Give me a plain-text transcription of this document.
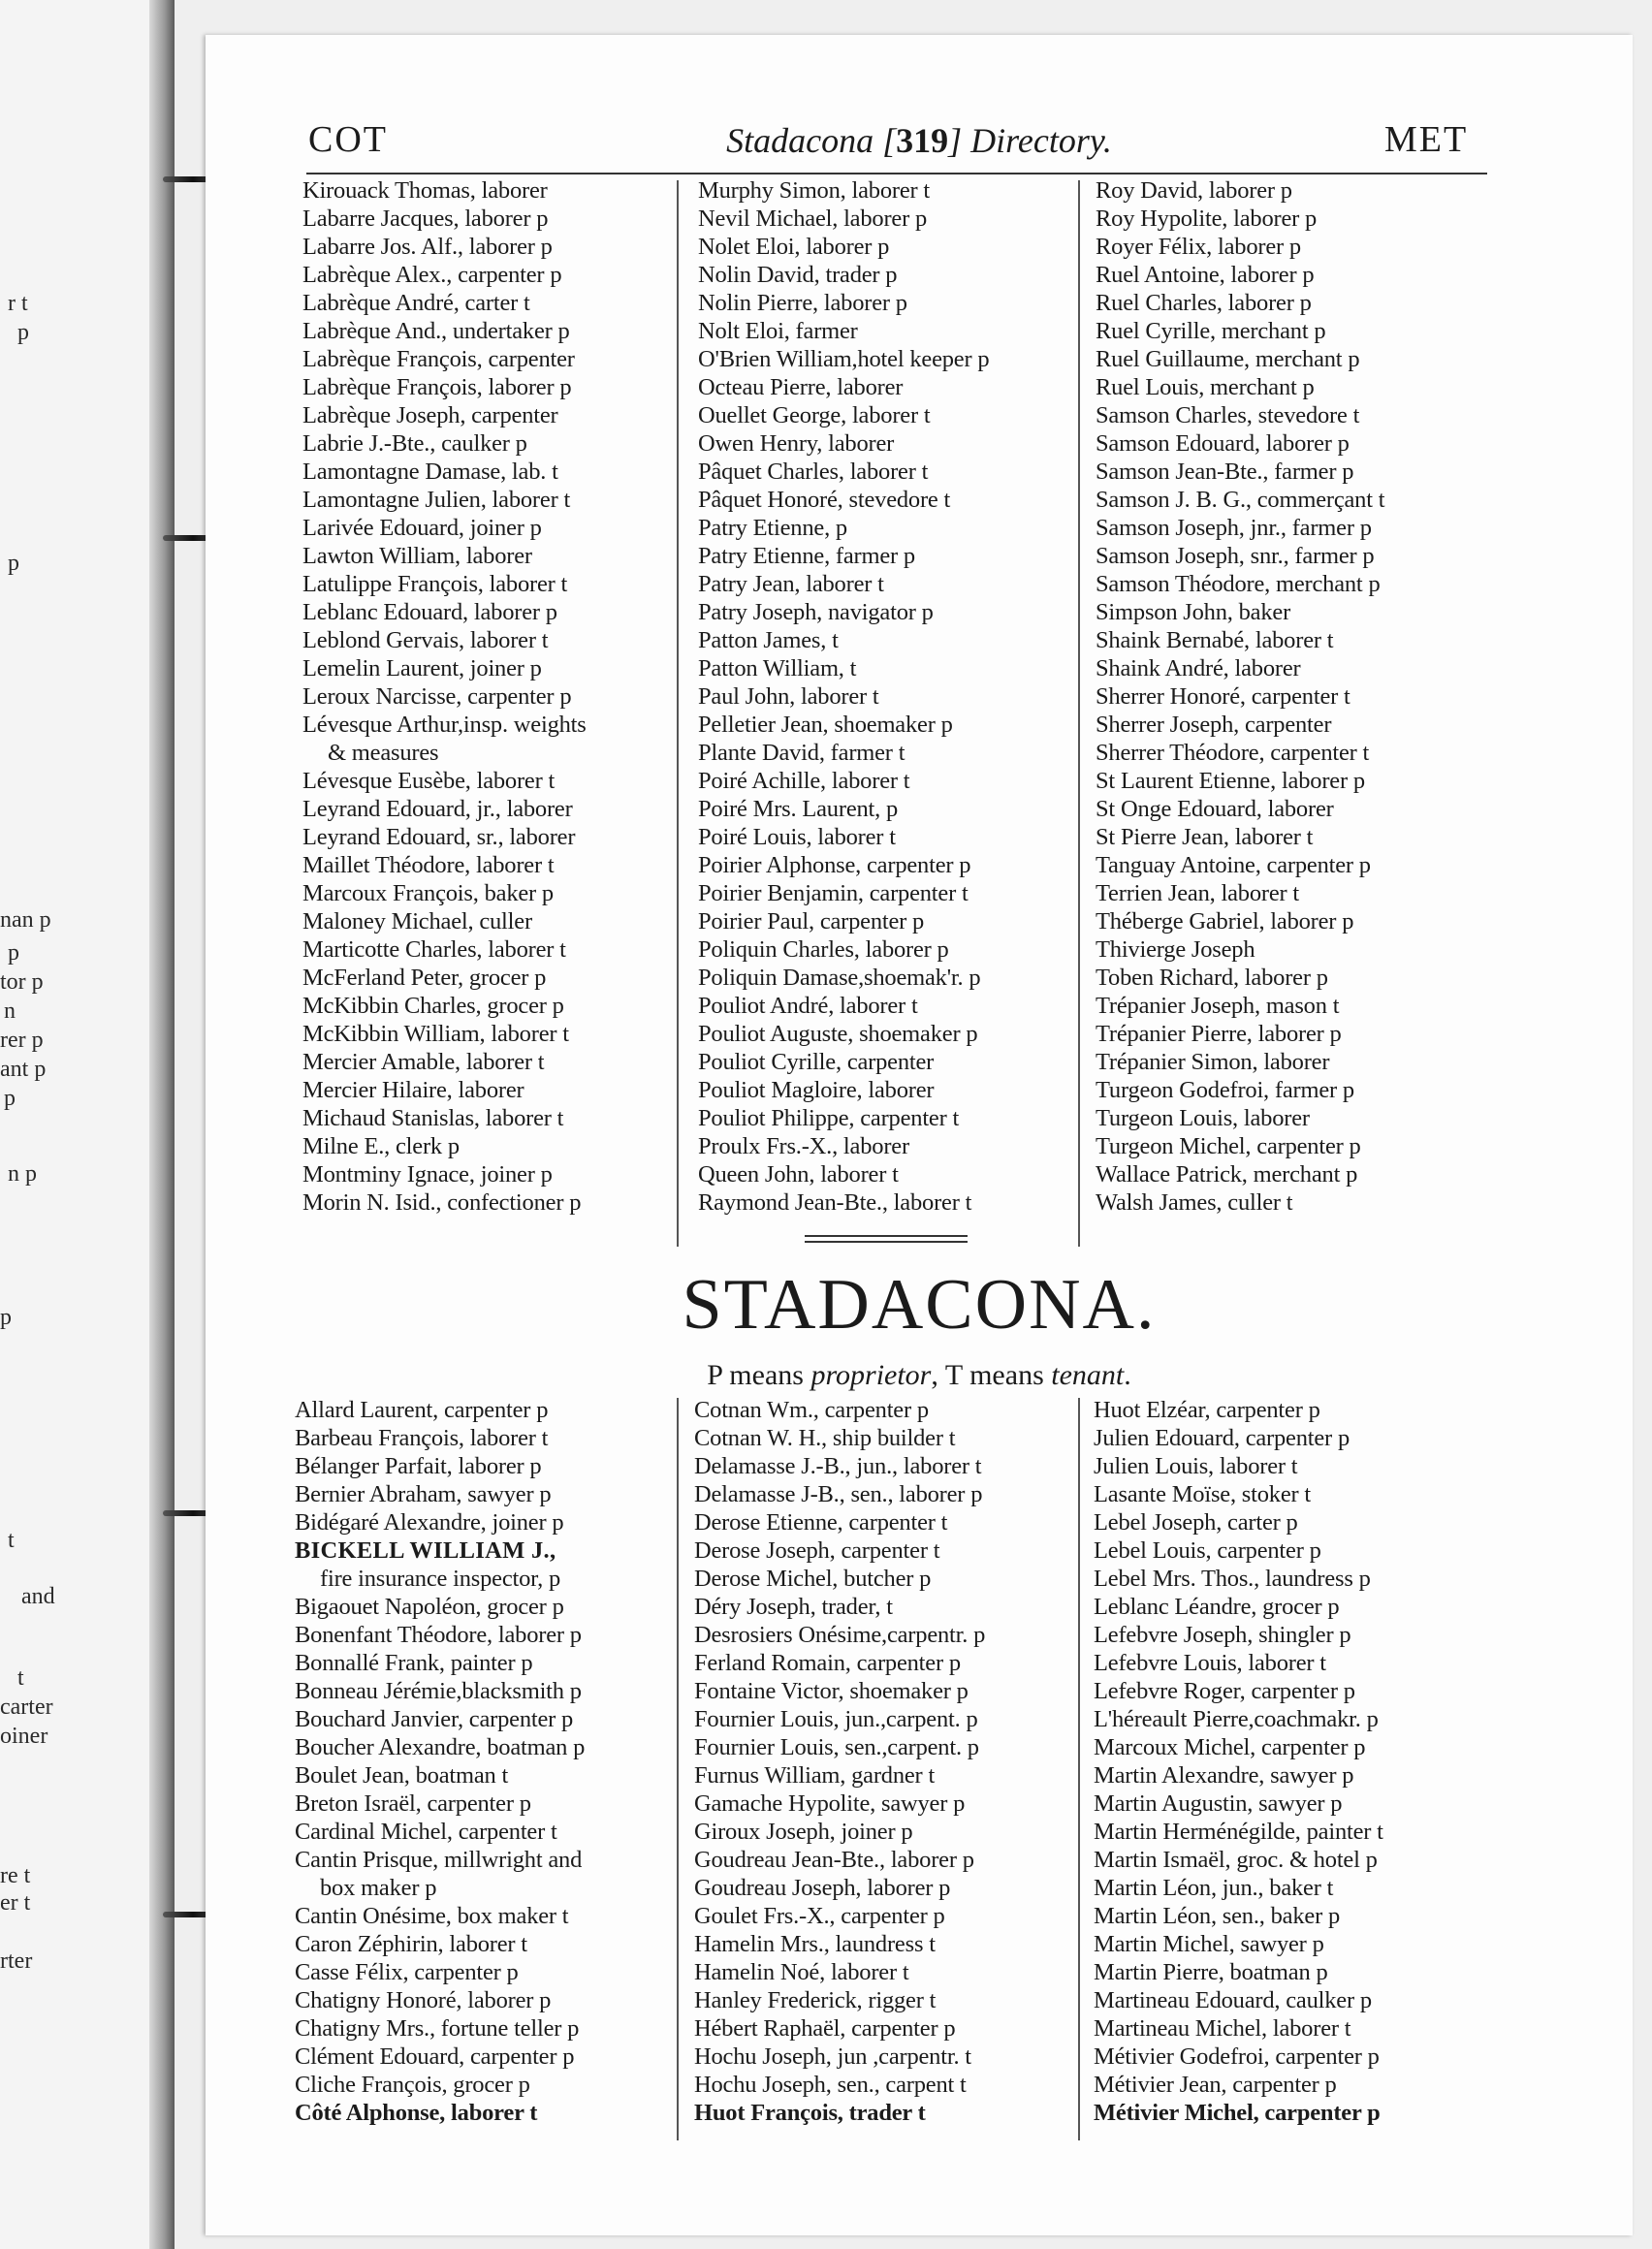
r t
p
p
nan p
p
tor p
n
rer p
ant p
p
n p
p
t
and
t
carter
oiner
re t
er t
rter
COT	Stadacona [319] Directory.	MET
Kirouack Thomas, laborer
Labarre Jacques, laborer p
Labarre Jos. Alf., laborer p
Labrèque Alex., carpenter p
Labrèque André, carter t
Labrèque And., undertaker p
Labrèque François, carpenter
Labrèque François, laborer p
Labrèque Joseph, carpenter
Labrie J.-Bte., caulker p
Lamontagne Damase, lab. t
Lamontagne Julien, laborer t
Larivée Edouard, joiner p
Lawton William, laborer
Latulippe François, laborer t
Leblanc Edouard, laborer p
Leblond Gervais, laborer t
Lemelin Laurent, joiner p
Leroux Narcisse, carpenter p
Lévesque Arthur,insp. weights
& measures
Lévesque Eusèbe, laborer t
Leyrand Edouard, jr., laborer
Leyrand Edouard, sr., laborer
Maillet Théodore, laborer t
Marcoux François, baker p
Maloney Michael, culler
Marticotte Charles, laborer t
McFerland Peter, grocer p
McKibbin Charles, grocer p
McKibbin William, laborer t
Mercier Amable, laborer t
Mercier Hilaire, laborer
Michaud Stanislas, laborer t
Milne E., clerk p
Montminy Ignace, joiner p
Morin N. Isid., confectioner p
Murphy Simon, laborer t
Nevil Michael, laborer p
Nolet Eloi, laborer p
Nolin David, trader p
Nolin Pierre, laborer p
Nolt Eloi, farmer
O'Brien William,hotel keeper p
Octeau Pierre, laborer
Ouellet George, laborer t
Owen Henry, laborer
Pâquet Charles, laborer t
Pâquet Honoré, stevedore t
Patry Etienne, p
Patry Etienne, farmer p
Patry Jean, laborer t
Patry Joseph, navigator p
Patton James, t
Patton William, t
Paul John, laborer t
Pelletier Jean, shoemaker p
Plante David, farmer t
Poiré Achille, laborer t
Poiré Mrs. Laurent, p
Poiré Louis, laborer t
Poirier Alphonse, carpenter p
Poirier Benjamin, carpenter t
Poirier Paul, carpenter p
Poliquin Charles, laborer p
Poliquin Damase,shoemak'r. p
Pouliot André, laborer t
Pouliot Auguste, shoemaker p
Pouliot Cyrille, carpenter
Pouliot Magloire, laborer
Pouliot Philippe, carpenter t
Proulx Frs.-X., laborer
Queen John, laborer t
Raymond Jean-Bte., laborer t
Roy David, laborer p
Roy Hypolite, laborer p
Royer Félix, laborer p
Ruel Antoine, laborer p
Ruel Charles, laborer p
Ruel Cyrille, merchant p
Ruel Guillaume, merchant p
Ruel Louis, merchant p
Samson Charles, stevedore t
Samson Edouard, laborer p
Samson Jean-Bte., farmer p
Samson J. B. G., commerçant t
Samson Joseph, jnr., farmer p
Samson Joseph, snr., farmer p
Samson Théodore, merchant p
Simpson John, baker
Shaink Bernabé, laborer t
Shaink André, laborer
Sherrer Honoré, carpenter t
Sherrer Joseph, carpenter
Sherrer Théodore, carpenter t
St Laurent Etienne, laborer p
St Onge Edouard, laborer
St Pierre Jean, laborer t
Tanguay Antoine, carpenter p
Terrien Jean, laborer t
Théberge Gabriel, laborer p
Thivierge Joseph
Toben Richard, laborer p
Trépanier Joseph, mason t
Trépanier Pierre, laborer p
Trépanier Simon, laborer
Turgeon Godefroi, farmer p
Turgeon Louis, laborer
Turgeon Michel, carpenter p
Wallace Patrick, merchant p
Walsh James, culler t
STADACONA.
P means proprietor, T means tenant.
Allard Laurent, carpenter p
Barbeau François, laborer t
Bélanger Parfait, laborer p
Bernier Abraham, sawyer p
Bidégaré Alexandre, joiner p
BICKELL WILLIAM J.,
fire insurance inspector, p
Bigaouet Napoléon, grocer p
Bonenfant Théodore, laborer p
Bonnallé Frank, painter p
Bonneau Jérémie,blacksmith p
Bouchard Janvier, carpenter p
Boucher Alexandre, boatman p
Boulet Jean, boatman t
Breton Israël, carpenter p
Cardinal Michel, carpenter t
Cantin Prisque, millwright and
box maker p
Cantin Onésime, box maker t
Caron Zéphirin, laborer t
Casse Félix, carpenter p
Chatigny Honoré, laborer p
Chatigny Mrs., fortune teller p
Clément Edouard, carpenter p
Cliche François, grocer p
Côté Alphonse, laborer t
Cotnan Wm., carpenter p
Cotnan W. H., ship builder t
Delamasse J.-B., jun., laborer t
Delamasse J-B., sen., laborer p
Derose Etienne, carpenter t
Derose Joseph, carpenter t
Derose Michel, butcher p
Déry Joseph, trader, t
Desrosiers Onésime,carpentr. p
Ferland Romain, carpenter p
Fontaine Victor, shoemaker p
Fournier Louis, jun.,carpent. p
Fournier Louis, sen.,carpent. p
Furnus William, gardner t
Gamache Hypolite, sawyer p
Giroux Joseph, joiner p
Goudreau Jean-Bte., laborer p
Goudreau Joseph, laborer p
Goulet Frs.-X., carpenter p
Hamelin Mrs., laundress t
Hamelin Noé, laborer t
Hanley Frederick, rigger t
Hébert Raphaël, carpenter p
Hochu Joseph, jun ,carpentr. t
Hochu Joseph, sen., carpent t
Huot François, trader t
Huot Elzéar, carpenter p
Julien Edouard, carpenter p
Julien Louis, laborer t
Lasante Moïse, stoker t
Lebel Joseph, carter p
Lebel Louis, carpenter p
Lebel Mrs. Thos., laundress p
Leblanc Léandre, grocer p
Lefebvre Joseph, shingler p
Lefebvre Louis, laborer t
Lefebvre Roger, carpenter p
L'héreault Pierre,coachmakr. p
Marcoux Michel, carpenter p
Martin Alexandre, sawyer p
Martin Augustin, sawyer p
Martin Herménégilde, painter t
Martin Ismaël, groc. & hotel p
Martin Léon, jun., baker t
Martin Léon, sen., baker p
Martin Michel, sawyer p
Martin Pierre, boatman p
Martineau Edouard, caulker p
Martineau Michel, laborer t
Métivier Godefroi, carpenter p
Métivier Jean, carpenter p
Métivier Michel, carpenter p
